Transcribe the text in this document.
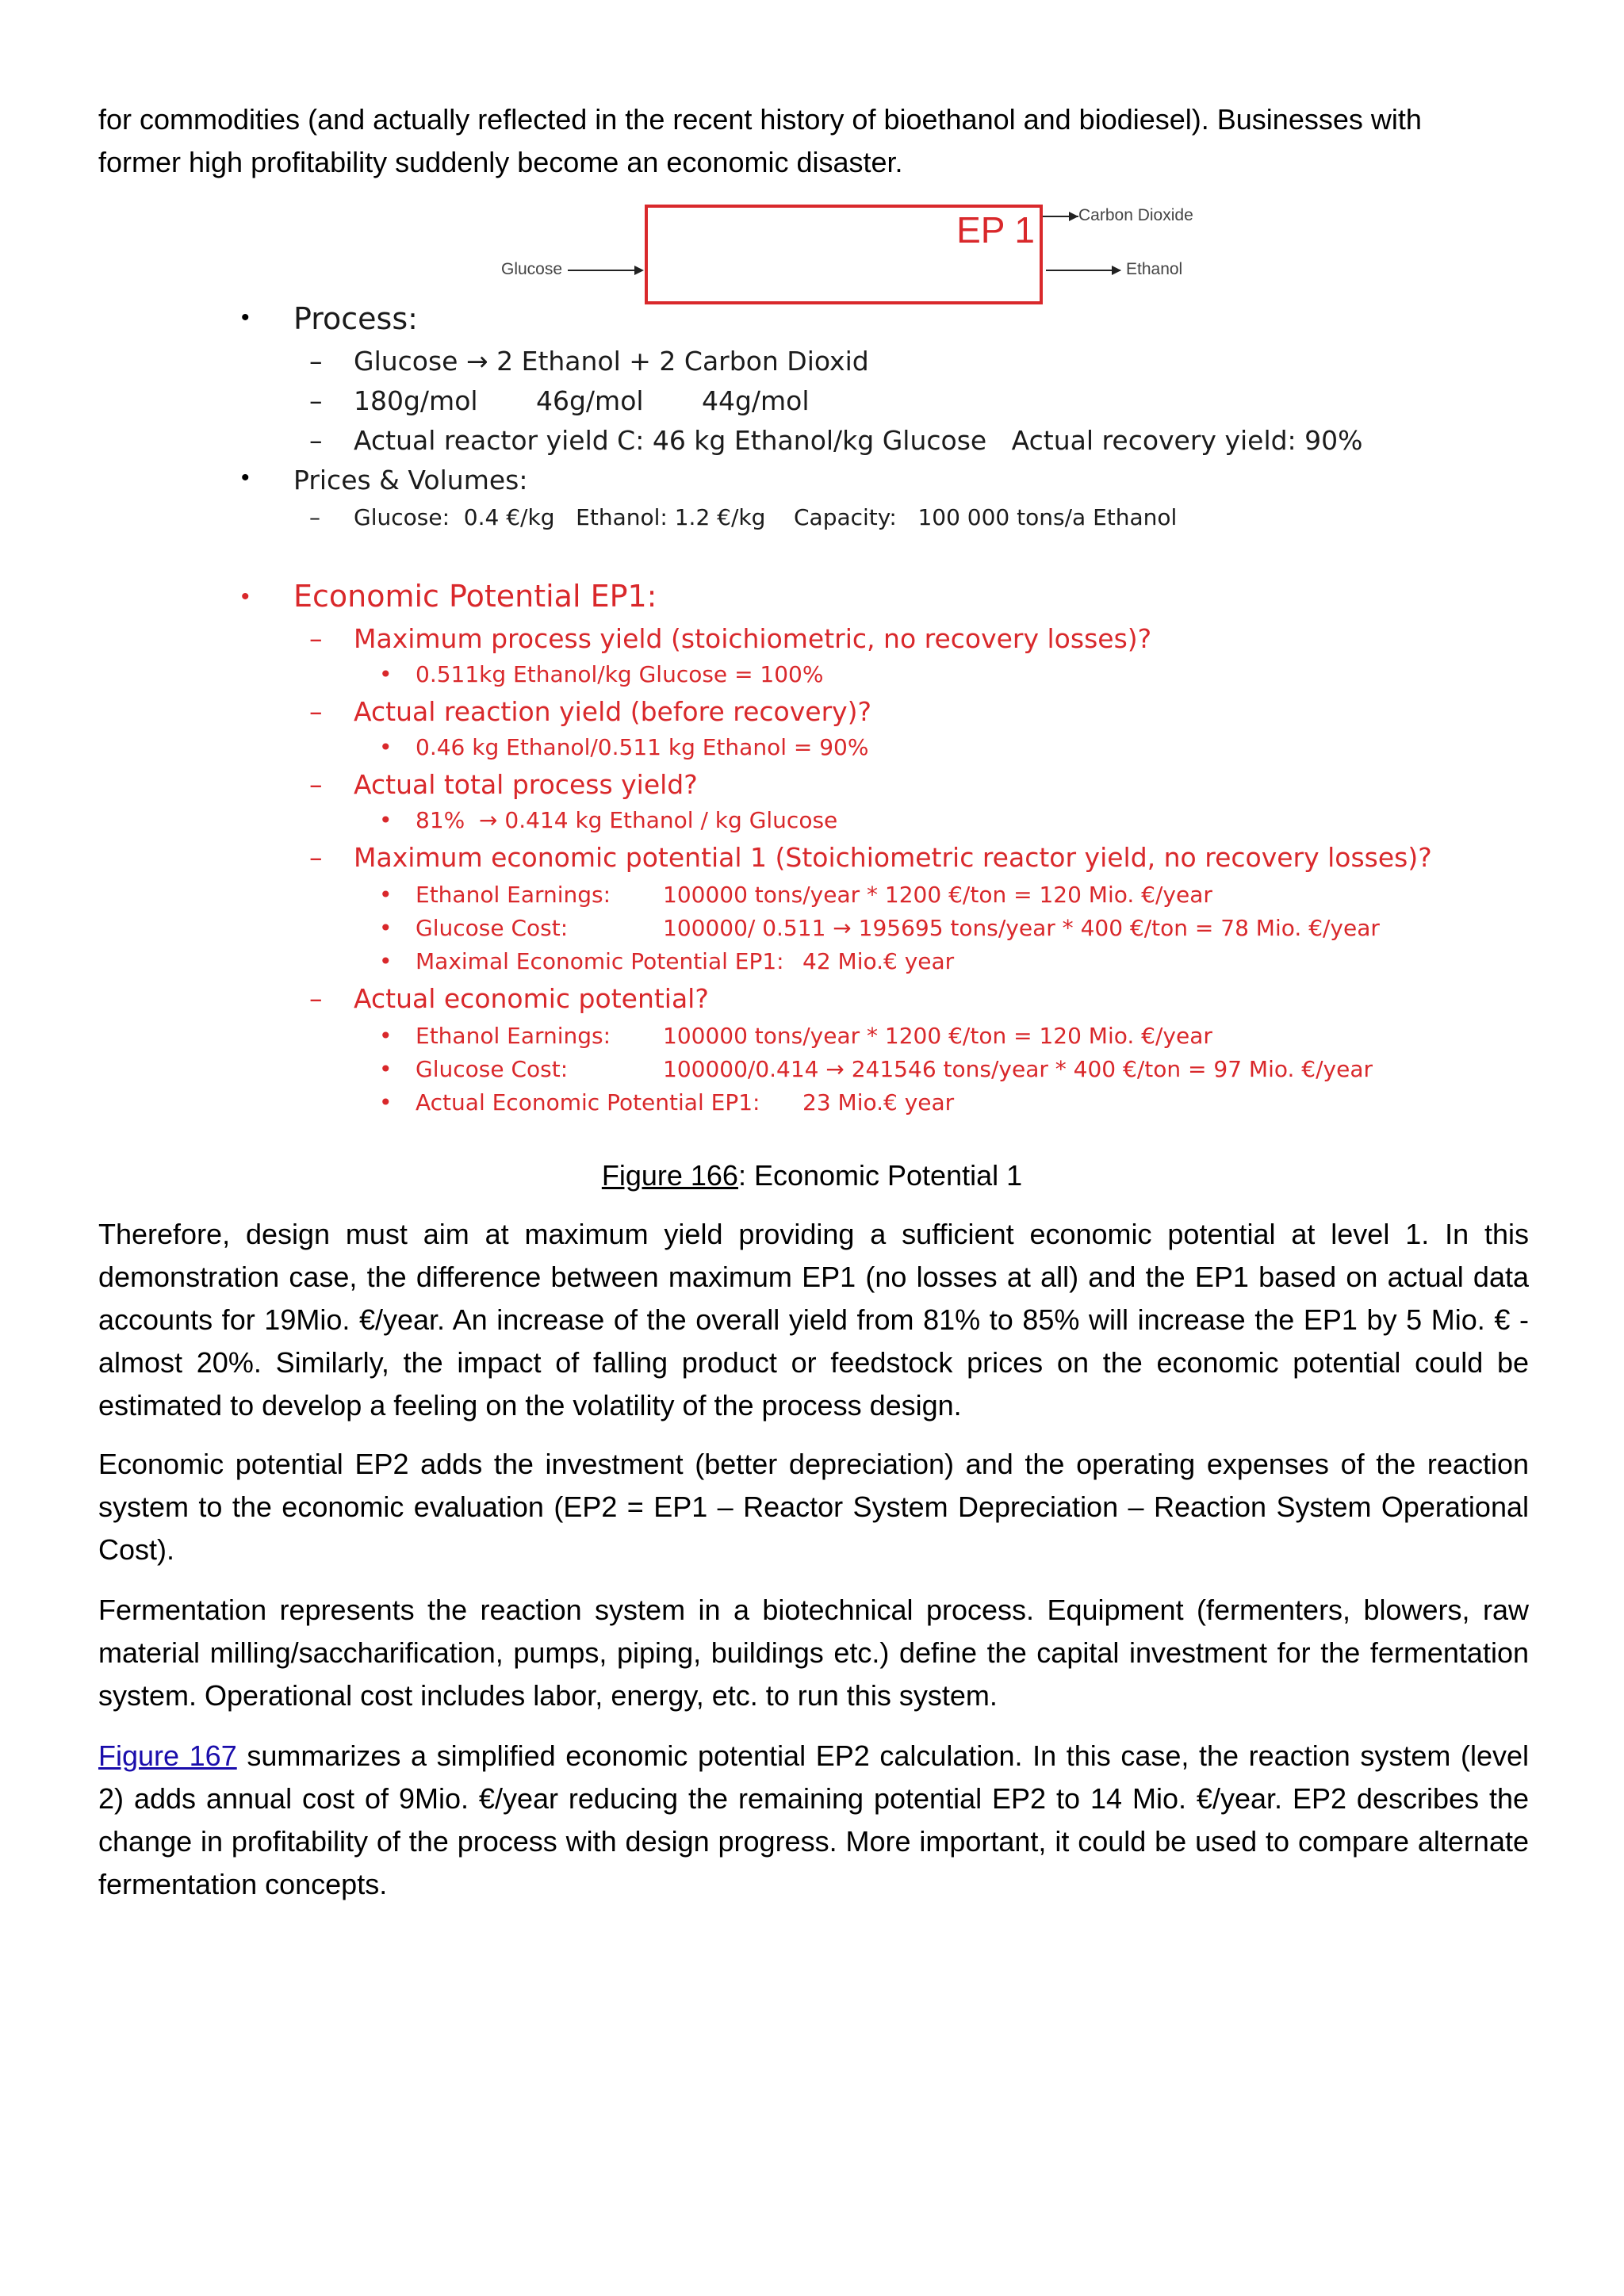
for commodities (and actually reflected in the recent history of bioethanol and biodiesel). Businesses with

former high profitability suddenly become an economic disaster.

EP 1
Glucose
Carbon Dioxide
Ethanol
• Process:
– Glucose → 2 Ethanol + 2 Carbon Dioxid
– 180g/mol       46g/mol       44g/mol
– Actual reactor yield C: 46 kg Ethanol/kg Glucose   Actual recovery yield: 90%
• Prices & Volumes:
– Glucose:  0.4 €/kg   Ethanol: 1.2 €/kg    Capacity:   100 000 tons/a Ethanol
• Economic Potential EP1:
– Maximum process yield (stoichiometric, no recovery losses)?
• 0.511kg Ethanol/kg Glucose = 100%
– Actual reaction yield (before recovery)?
• 0.46 kg Ethanol/0.511 kg Ethanol = 90%
– Actual total process yield?
• 81%  → 0.414 kg Ethanol / kg Glucose
– Maximum economic potential 1 (Stoichiometric reactor yield, no recovery losses)?
• Ethanol Earnings: 100000 tons/year * 1200 €/ton = 120 Mio. €/year
• Glucose Cost:	100000/ 0.511 → 195695 tons/year * 400 €/ton = 78 Mio. €/year
• Maximal Economic Potential EP1: 42 Mio.€ year
– Actual economic potential?
• Ethanol Earnings: 100000 tons/year * 1200 €/ton = 120 Mio. €/year
• Glucose Cost:	100000/0.414 → 241546 tons/year * 400 €/ton = 97 Mio. €/year
• Actual Economic Potential EP1: 23 Mio.€ year
Figure 166: Economic Potential 1

Therefore, design must aim at maximum yield providing a sufficient economic potential at level 1. In this demonstration case, the difference between maximum EP1 (no losses at all) and the EP1 based on actual data accounts for 19Mio. €/year. An increase of the overall yield from 81% to 85% will increase the EP1 by 5 Mio. € - almost 20%. Similarly, the impact of falling product or feedstock prices on the economic potential could be estimated to develop a feeling on the volatility of the process design.

Economic potential EP2 adds the investment (better depreciation) and the operating expenses of the reaction system to the economic evaluation (EP2 = EP1 – Reactor System Depreciation – Reaction System Operational Cost).

Fermentation represents the reaction system in a biotechnical process. Equipment (fermenters, blowers, raw material milling/saccharification, pumps, piping, buildings etc.) define the capital investment for the fermentation system. Operational cost includes labor, energy, etc. to run this system.

Figure 167 summarizes a simplified economic potential EP2 calculation. In this case, the reaction system (level 2) adds annual cost of 9Mio. €/year reducing the remaining potential EP2 to 14 Mio. €/year. EP2 describes the change in profitability of the process with design progress. More important, it could be used to compare alternate fermentation concepts.
